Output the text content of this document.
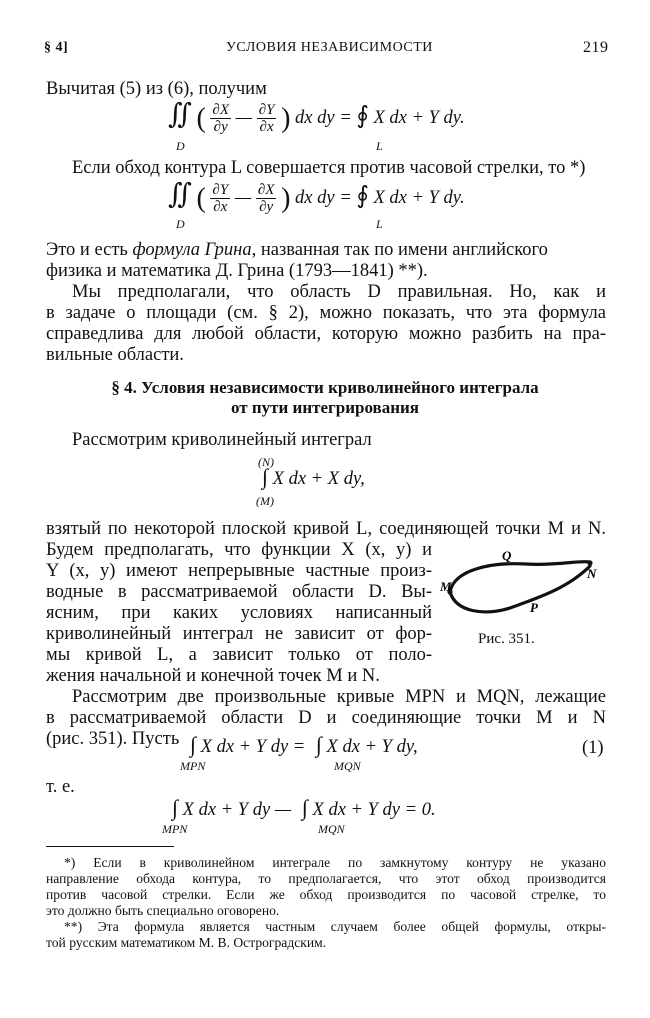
§ 4]	УСЛОВИЯ НЕЗАВИСИМОСТИ	219
Вычитая (5) из (6), получим
∬ ( $\frac{\partial X}{\partial y}$ — $\frac{\partial Y}{\partial x}$ ) dx dy = ∮ X dx + Y dy.
D	L
Если обход контура L совершается против часовой стрелки, то *)
∬ ( $\frac{\partial Y}{\partial x}$ — $\frac{\partial X}{\partial y}$ ) dx dy = ∮ X dx + Y dy.
D	L
Это и есть формула Грина, названная так по имени английского
физика и математика Д. Грина (1793—1841) **).
Мы предполагали, что область D правильная. Но, как и
в задаче о площади (см. § 2), можно показать, что эта формула
справедлива для любой области, которую можно разбить на пра-
вильные области.
§ 4. Условия независимости криволинейного интеграла
от пути интегрирования
Рассмотрим криволинейный интеграл
(N)
∫ X dx + X dy,
(M)
взятый по некоторой плоской кривой L, соединяющей точки M и N.
Будем предполагать, что функции X (x, y) и
Y (x, y) имеют непрерывные частные произ-
водные в рассматриваемой области D. Вы-
ясним, при каких условиях написанный
криволинейный интеграл не зависит от фор-
мы кривой L, а зависит только от поло-
жения начальной и конечной точек M и N.
Q
N
M
P
Рис. 351.
Рассмотрим две произвольные кривые MPN и MQN, лежащие
в рассматриваемой области D и соединяющие точки M и N
(рис. 351). Пусть ∫ X dx + Y dy = ∫ X dx + Y dy,
MPN	MQN
(1)
т. е.
∫ X dx + Y dy — ∫ X dx + Y dy = 0.
MPN	MQN
*) Если в криволинейном интеграле по замкнутому контуру не указано
направление обхода контура, то предполагается, что этот обход производится
против часовой стрелки. Если же обход производится по часовой стрелке, то
это должно быть специально оговорено.
**) Эта формула является частным случаем более общей формулы, откры-
той русским математиком М. В. Остроградским.
